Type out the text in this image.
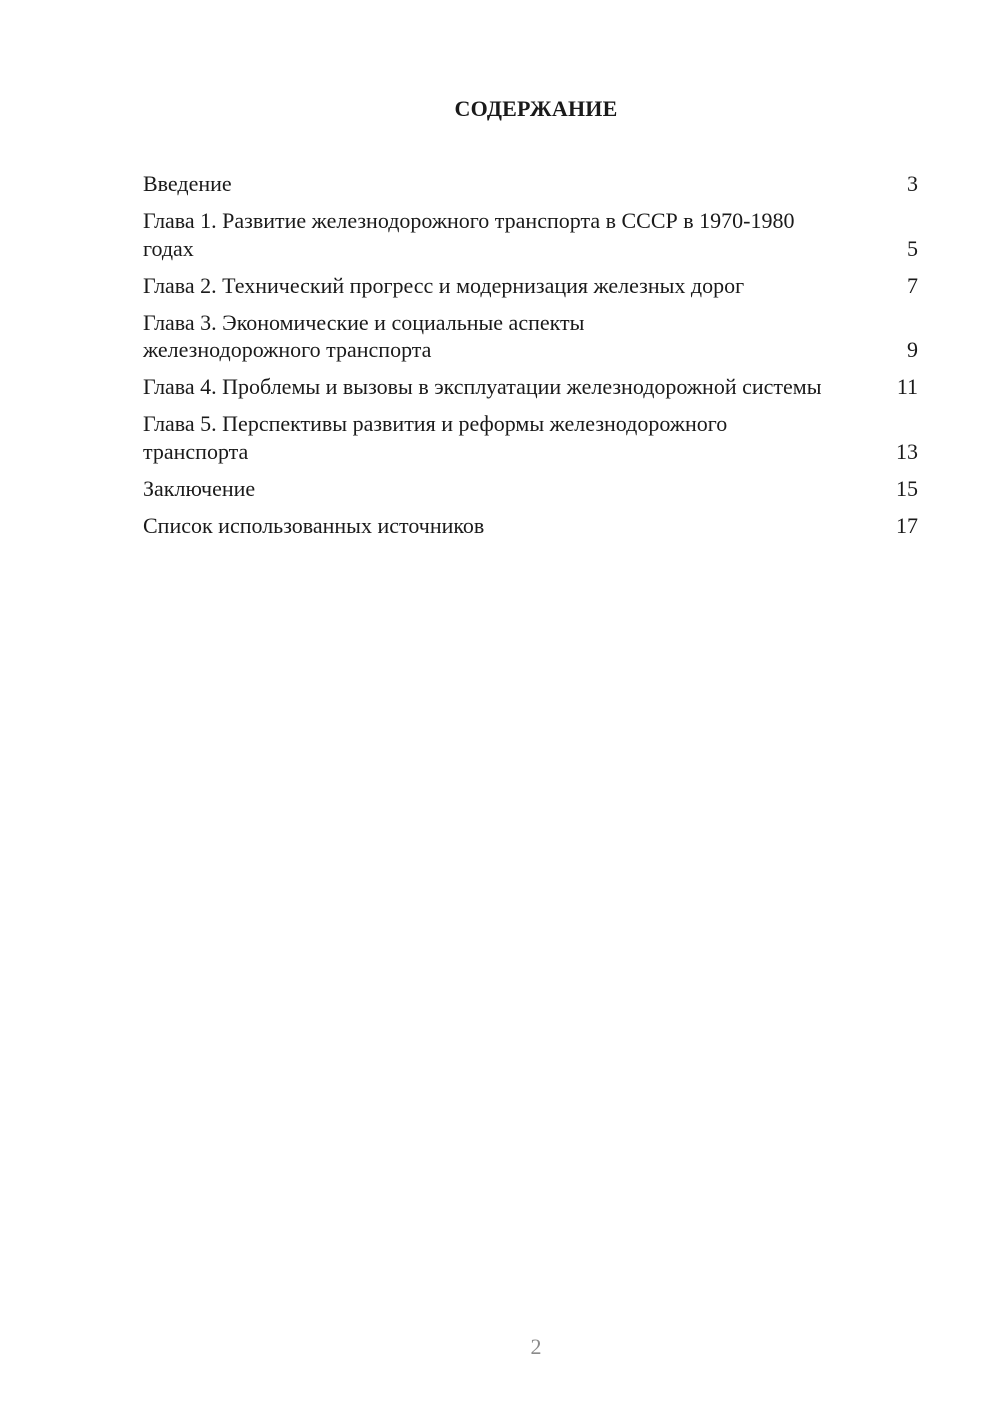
СОДЕРЖАНИЕ
Введение	3
Глава 1. Развитие железнодорожного транспорта в СССР в 1970-1980 годах	5
Глава 2. Технический прогресс и модернизация железных дорог	7
Глава 3. Экономические и социальные аспекты железнодорожного транспорта	9
Глава 4. Проблемы и вызовы в эксплуатации железнодорожной системы	11
Глава 5. Перспективы развития и реформы железнодорожного транспорта	13
Заключение	15
Список использованных источников	17
2
